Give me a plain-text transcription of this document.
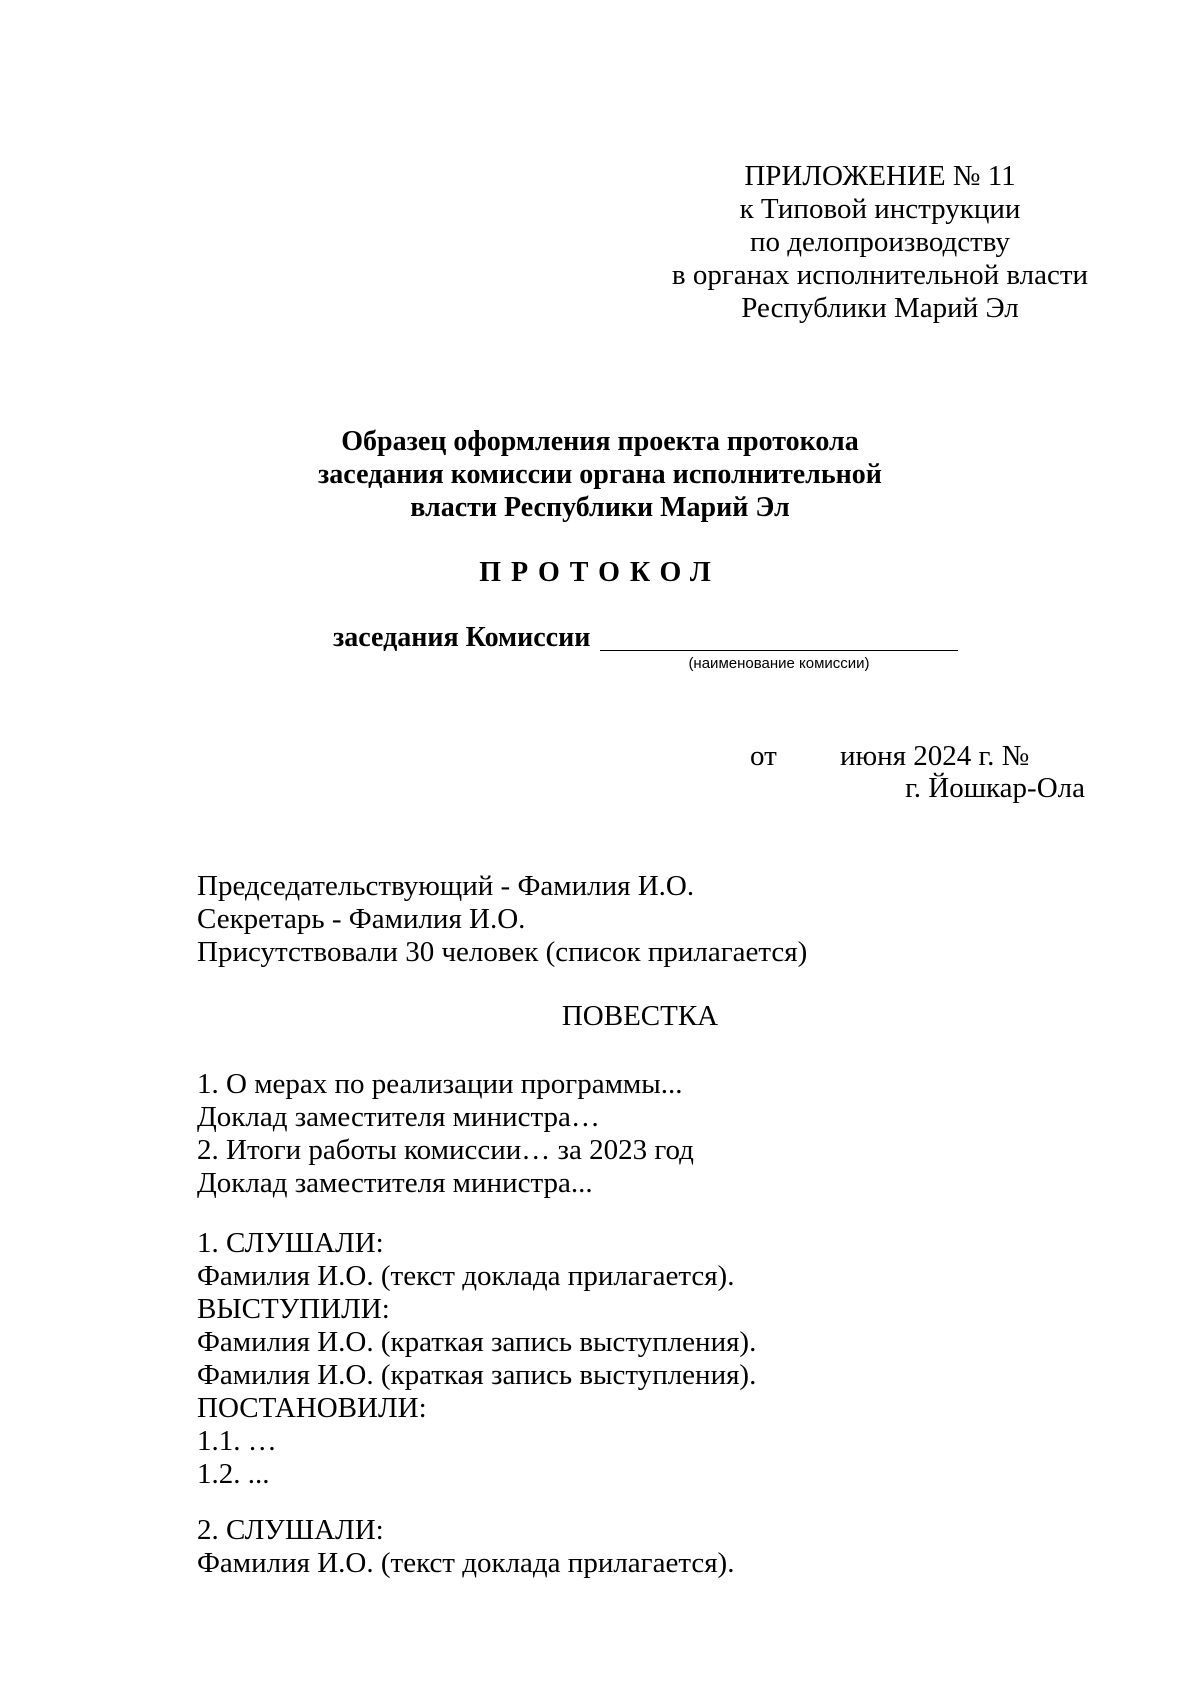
ПРИЛОЖЕНИЕ № 11
к Типовой инструкции
по делопроизводству
в органах исполнительной власти
Республики Марий Эл
Образец оформления проекта протокола
заседания комиссии органа исполнительной
власти Республики Марий Эл
ПРОТОКОЛ
заседания Комиссии
(наименование комиссии)
от июня 2024 г. №
г. Йошкар-Ола
Председательствующий - Фамилия И.О.
Секретарь - Фамилия И.О.
Присутствовали 30 человек (список прилагается)
ПОВЕСТКА
1. О мерах по реализации программы...
Доклад заместителя министра…
2. Итоги работы комиссии… за 2023 год
Доклад заместителя министра...
1. СЛУШАЛИ:
Фамилия И.О. (текст доклада прилагается).
ВЫСТУПИЛИ:
Фамилия И.О. (краткая запись выступления).
Фамилия И.О. (краткая запись выступления).
ПОСТАНОВИЛИ:
1.1. …
1.2. ...
2. СЛУШАЛИ:
Фамилия И.О. (текст доклада прилагается).
